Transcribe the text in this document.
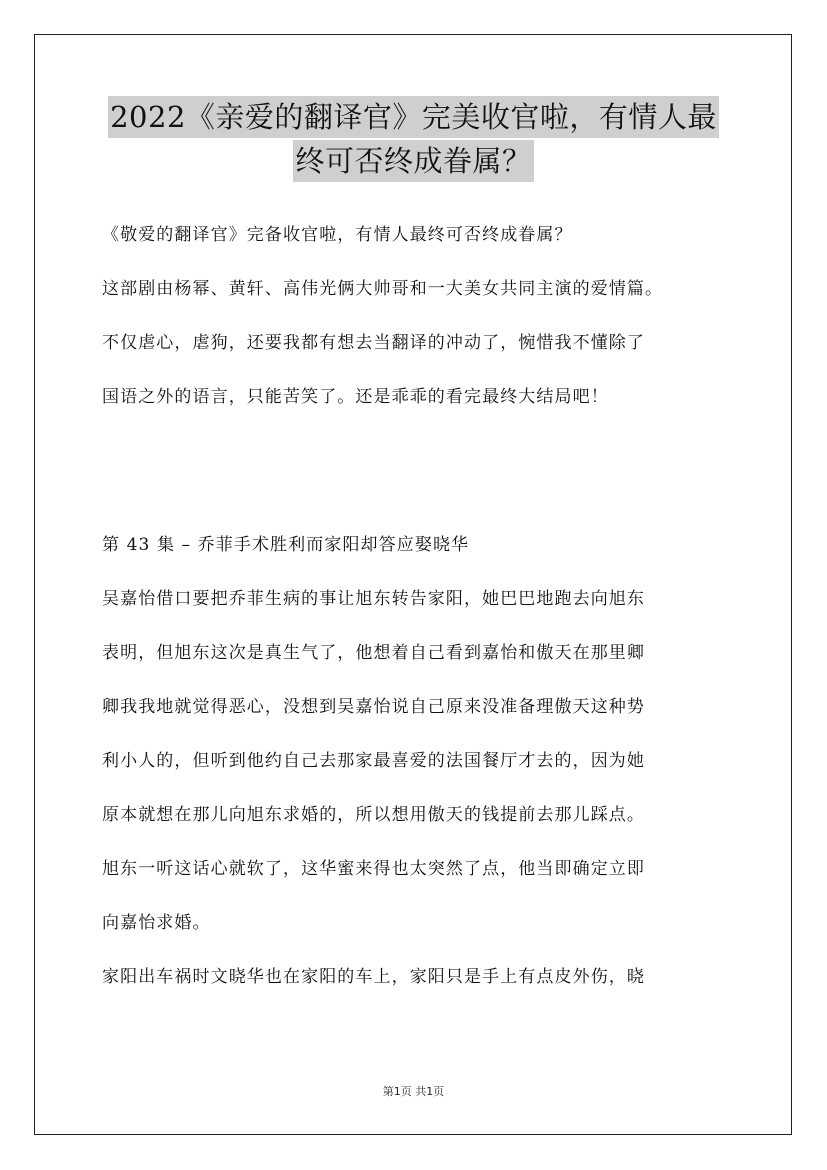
2022《亲爱的翻译官》完美收官啦，有情人最
终可否终成眷属？
《敬爱的翻译官》完备收官啦，有情人最终可否终成眷属？
这部剧由杨幂、黄轩、高伟光俩大帅哥和一大美女共同主演的爱情篇。
不仅虐心，虐狗，还要我都有想去当翻译的冲动了，惋惜我不懂除了
国语之外的语言，只能苦笑了。还是乖乖的看完最终大结局吧！
第 43 集 – 乔菲手术胜利而家阳却答应娶晓华
吴嘉怡借口要把乔菲生病的事让旭东转告家阳，她巴巴地跑去向旭东
表明，但旭东这次是真生气了，他想着自己看到嘉怡和傲天在那里卿
卿我我地就觉得恶心，没想到吴嘉怡说自己原来没准备理傲天这种势
利小人的，但听到他约自己去那家最喜爱的法国餐厅才去的，因为她
原本就想在那儿向旭东求婚的，所以想用傲天的钱提前去那儿踩点。
旭东一听这话心就软了，这华蜜来得也太突然了点，他当即确定立即
向嘉怡求婚。
家阳出车祸时文晓华也在家阳的车上，家阳只是手上有点皮外伤，晓
第1页 共1页
